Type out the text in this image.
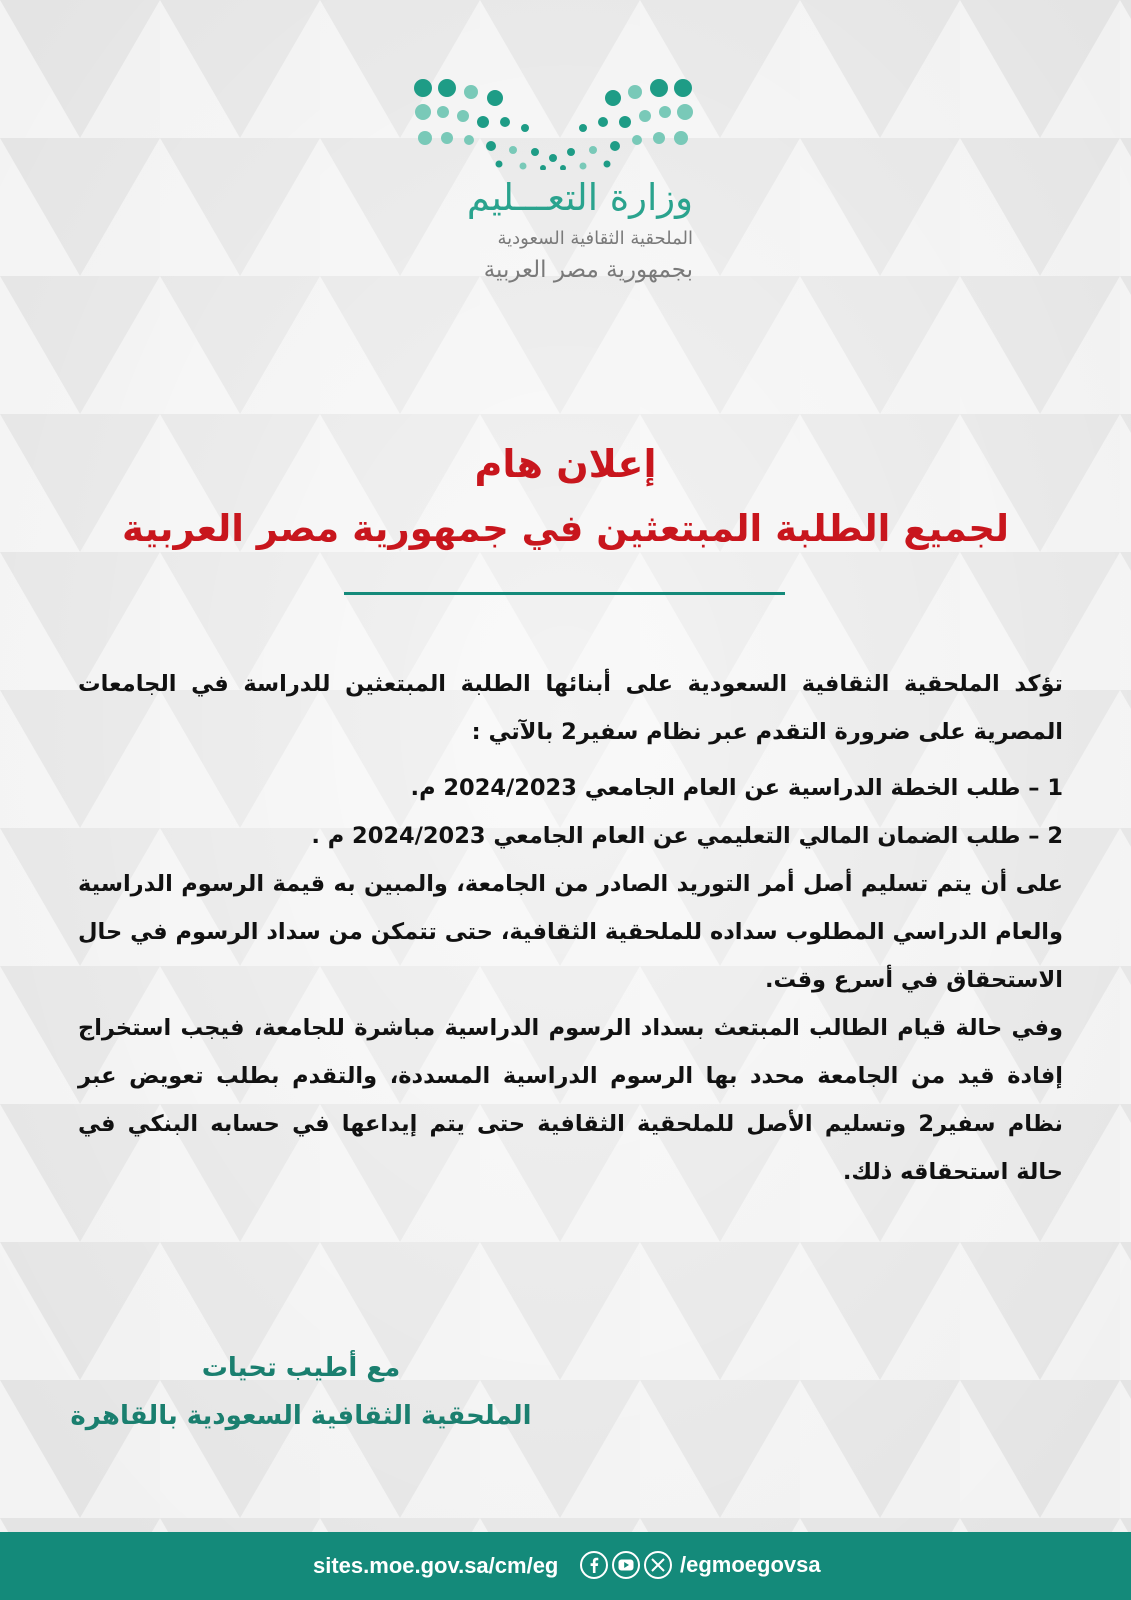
وزارة التعـــليم
الملحقية الثقافية السعودية
بجمهورية مصر العربية
إعلان هام
لجميع الطلبة المبتعثين في جمهورية مصر العربية

تؤكد الملحقية الثقافية السعودية على أبنائها الطلبة المبتعثين للدراسة في الجامعات المصرية على ضرورة التقدم عبر نظام سفير2 بالآتي :

1 – طلب الخطة الدراسية عن العام الجامعي 2024/2023 م.

2 – طلب الضمان المالي التعليمي عن العام الجامعي 2024/2023 م .

على أن يتم تسليم أصل أمر التوريد الصادر من الجامعة، والمبين به قيمة الرسوم الدراسية والعام الدراسي المطلوب سداده للملحقية الثقافية، حتى تتمكن من سداد الرسوم في حال الاستحقاق في أسرع وقت.

وفي حالة قيام الطالب المبتعث بسداد الرسوم الدراسية مباشرة للجامعة، فيجب استخراج إفادة قيد من الجامعة محدد بها الرسوم الدراسية المسددة، والتقدم بطلب تعويض عبر نظام سفير2 وتسليم الأصل للملحقية الثقافية حتى يتم إيداعها في حسابه البنكي في حالة استحقاقه ذلك.

مع أطيب تحيات

الملحقية الثقافية السعودية بالقاهرة

sites.moe.gov.sa/cm/eg	/egmoegovsa
